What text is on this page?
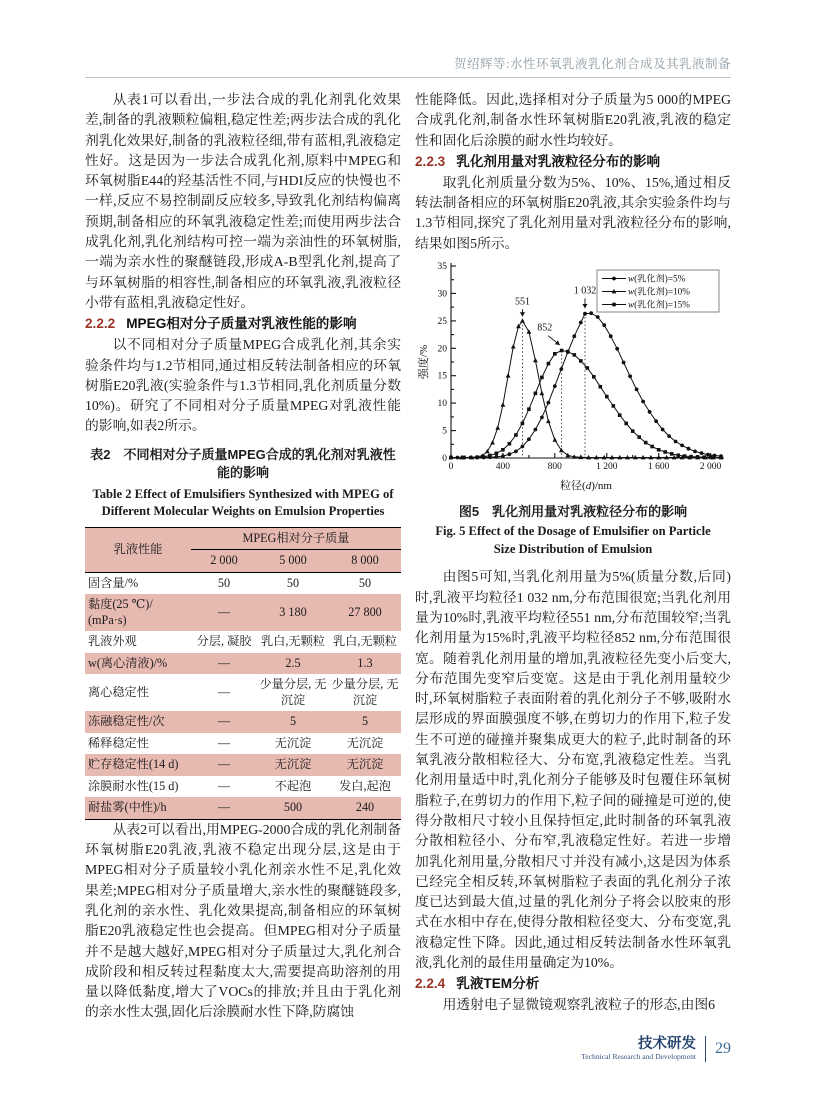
贺绍辉等:水性环氧乳液乳化剂合成及其乳液制备

从表1可以看出,一步法合成的乳化剂乳化效果差,制备的乳液颗粒偏粗,稳定性差;两步法合成的乳化剂乳化效果好,制备的乳液粒径细,带有蓝相,乳液稳定性好。这是因为一步法合成乳化剂,原料中MPEG和环氧树脂E44的羟基活性不同,与HDI反应的快慢也不一样,反应不易控制副反应较多,导致乳化剂结构偏离预期,制备相应的环氧乳液稳定性差;而使用两步法合成乳化剂,乳化剂结构可控一端为亲油性的环氧树脂,一端为亲水性的聚醚链段,形成A-B型乳化剂,提高了与环氧树脂的相容性,制备相应的环氧乳液,乳液粒径小带有蓝相,乳液稳定性好。

2.2.2 MPEG相对分子质量对乳液性能的影响

以不同相对分子质量MPEG合成乳化剂,其余实验条件均与1.2节相同,通过相反转法制备相应的环氧树脂E20乳液(实验条件与1.3节相同,乳化剂质量分数10%)。研究了不同相对分子质量MPEG对乳液性能的影响,如表2所示。

表2　不同相对分子质量MPEG合成的乳化剂对乳液性能的影响

Table 2 Effect of Emulsifiers Synthesized with MPEG of Different Molecular Weights on Emulsion Properties

乳液性能	MPEG相对分子质量		
	2 000	5 000	8 000
固含量/%	50	50	50
黏度(25 ℃)/ (mPa·s)	—	3 180	27 800
乳液外观	分层, 凝胶	乳白,无颗粒	乳白,无颗粒
w(离心清液)/%	—	2.5	1.3
离心稳定性	—	少量分层, 无沉淀	少量分层, 无沉淀
冻融稳定性/次	—	5	5
稀释稳定性	—	无沉淀	无沉淀
贮存稳定性(14 d)	—	无沉淀	无沉淀
涂膜耐水性(15 d)	—	不起泡	发白,起泡
耐盐雾(中性)/h	—	500	240

从表2可以看出,用MPEG-2000合成的乳化剂制备环氧树脂E20乳液,乳液不稳定出现分层,这是由于MPEG相对分子质量较小乳化剂亲水性不足,乳化效果差;MPEG相对分子质量增大,亲水性的聚醚链段多,乳化剂的亲水性、乳化效果提高,制备相应的环氧树脂E20乳液稳定性也会提高。但MPEG相对分子质量并不是越大越好,MPEG相对分子质量过大,乳化剂合成阶段和相反转过程黏度太大,需要提高助溶剂的用量以降低黏度,增大了VOCs的排放;并且由于乳化剂的亲水性太强,固化后涂膜耐水性下降,防腐蚀

性能降低。因此,选择相对分子质量为5 000的MPEG合成乳化剂,制备水性环氧树脂E20乳液,乳液的稳定性和固化后涂膜的耐水性均较好。

2.2.3 乳化剂用量对乳液粒径分布的影响

取乳化剂质量分数为5%、10%、15%,通过相反转法制备相应的环氧树脂E20乳液,其余实验条件均与1.3节相同,探究了乳化剂用量对乳液粒径分布的影响,结果如图5所示。

0	400	800	1 200	1 600	2 000
0
5
10
15
20
25
30
35
551
852
1 032
w(乳化剂)=5%
w(乳化剂)=10%
w(乳化剂)=15%
粒径(d)/nm
强度/%

图5　乳化剂用量对乳液粒径分布的影响

Fig. 5 Effect of the Dosage of Emulsifier on Particle Size Distribution of Emulsion

由图5可知,当乳化剂用量为5%(质量分数,后同)时,乳液平均粒径1 032 nm,分布范围很宽;当乳化剂用量为10%时,乳液平均粒径551 nm,分布范围较窄;当乳化剂用量为15%时,乳液平均粒径852 nm,分布范围很宽。随着乳化剂用量的增加,乳液粒径先变小后变大,分布范围先变窄后变宽。这是由于乳化剂用量较少时,环氧树脂粒子表面附着的乳化剂分子不够,吸附水层形成的界面膜强度不够,在剪切力的作用下,粒子发生不可逆的碰撞并聚集成更大的粒子,此时制备的环氧乳液分散相粒径大、分布宽,乳液稳定性差。当乳化剂用量适中时,乳化剂分子能够及时包覆住环氧树脂粒子,在剪切力的作用下,粒子间的碰撞是可逆的,使得分散相尺寸较小且保持恒定,此时制备的环氧乳液分散相粒径小、分布窄,乳液稳定性好。若进一步增加乳化剂用量,分散相尺寸并没有减小,这是因为体系已经完全相反转,环氧树脂粒子表面的乳化剂分子浓度已达到最大值,过量的乳化剂分子将会以胶束的形式在水相中存在,使得分散相粒径变大、分布变宽,乳液稳定性下降。因此,通过相反转法制备水性环氧乳液,乳化剂的最佳用量确定为10%。

2.2.4 乳液TEM分析

用透射电子显微镜观察乳液粒子的形态,由图6

技术研发
Technical Research and Development	29
